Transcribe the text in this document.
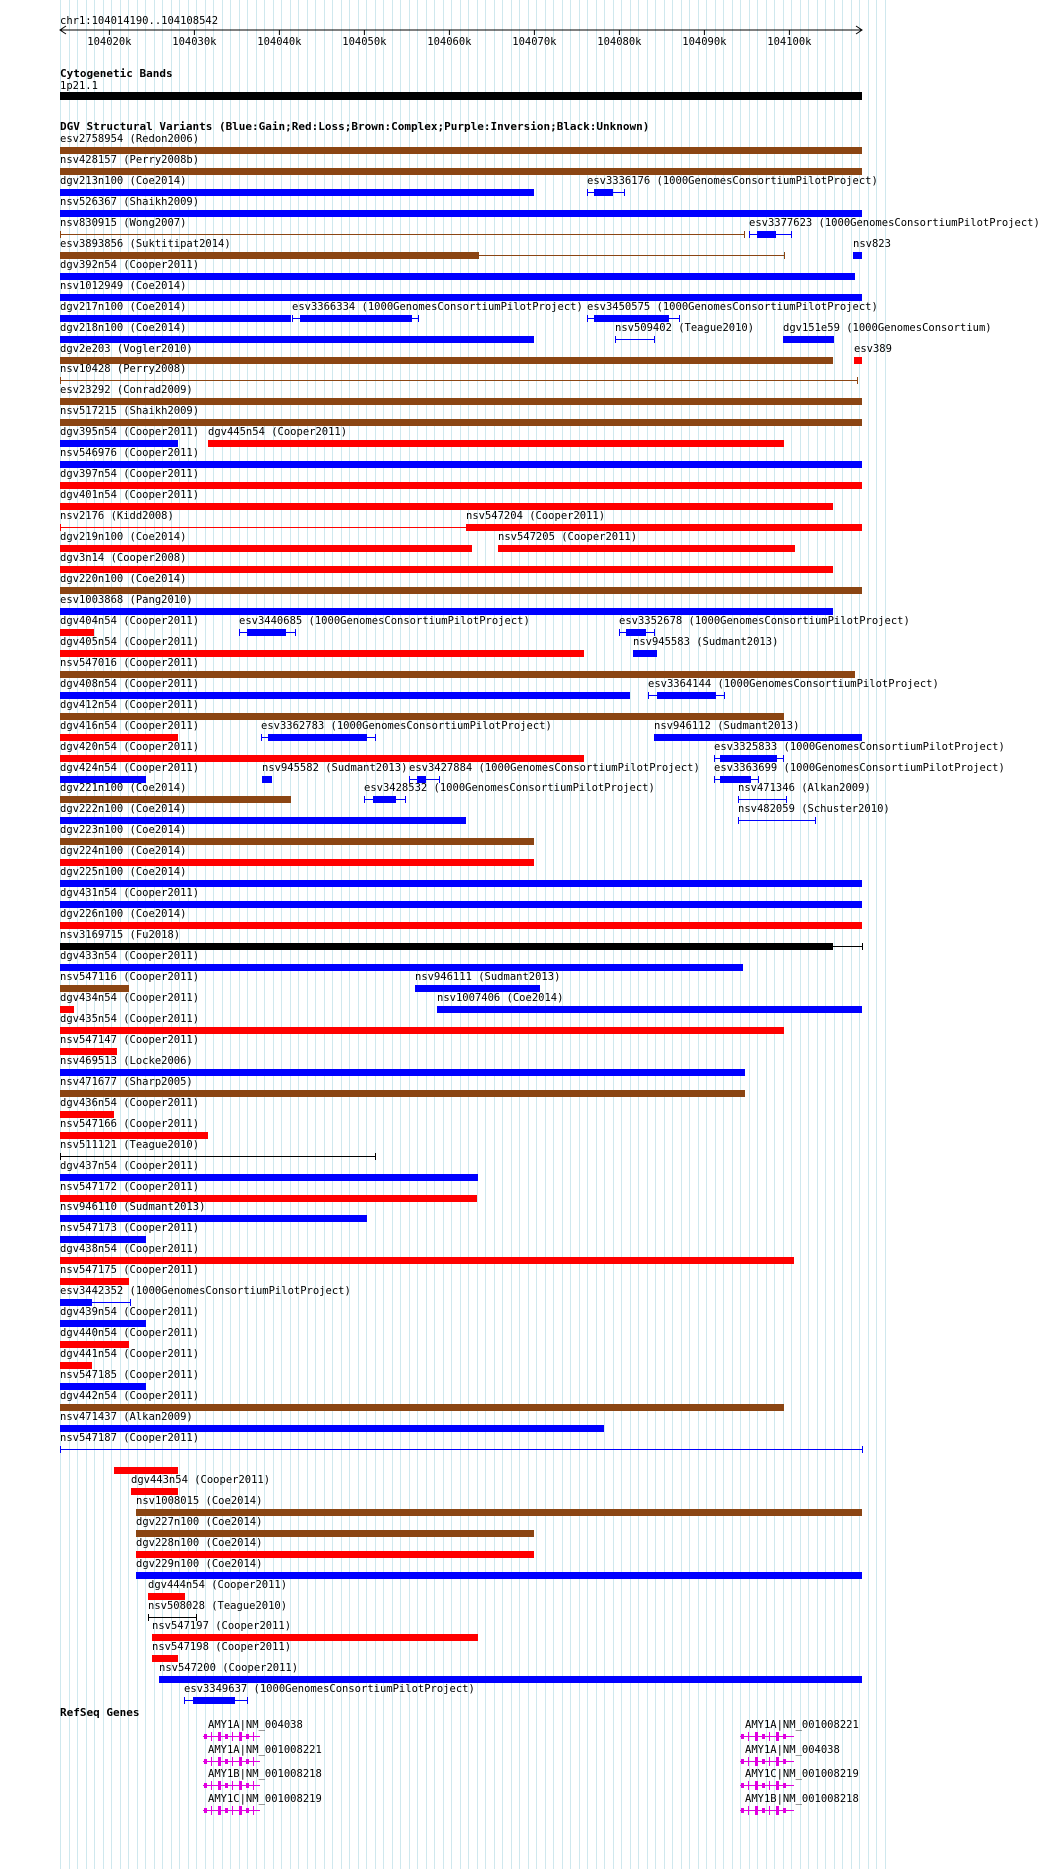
chr1:104014190..104108542
104020k	104030k	104040k	104050k	104060k	104070k	104080k	104090k	104100k
Cytogenetic Bands
1p21.1
DGV Structural Variants (Blue:Gain;Red:Loss;Brown:Complex;Purple:Inversion;Black:Unknown)
esv2758954 (Redon2006)
nsv428157 (Perry2008b)
dgv213n100 (Coe2014)	esv3336176 (1000GenomesConsortiumPilotProject)
nsv526367 (Shaikh2009)
nsv830915 (Wong2007)	esv3377623 (1000GenomesConsortiumPilotProject)
esv3893856 (Suktitipat2014)	nsv823
dgv392n54 (Cooper2011)
nsv1012949 (Coe2014)
dgv217n100 (Coe2014)	esv3366334 (1000GenomesConsortiumPilotProject) esv3450575 (1000GenomesConsortiumPilotProject)
dgv218n100 (Coe2014)	nsv509402 (Teague2010)	dgv151e59 (1000GenomesConsortium)
dgv2e203 (Vogler2010)	esv389
nsv10428 (Perry2008)
esv23292 (Conrad2009)
nsv517215 (Shaikh2009)
dgv395n54 (Cooper2011) dgv445n54 (Cooper2011)
nsv546976 (Cooper2011)
dgv397n54 (Cooper2011)
dgv401n54 (Cooper2011)
nsv2176 (Kidd2008)	nsv547204 (Cooper2011)
dgv219n100 (Coe2014)	nsv547205 (Cooper2011)
dgv3n14 (Cooper2008)
dgv220n100 (Coe2014)
esv1003868 (Pang2010)
dgv404n54 (Cooper2011)	esv3440685 (1000GenomesConsortiumPilotProject)	esv3352678 (1000GenomesConsortiumPilotProject)
dgv405n54 (Cooper2011)	nsv945583 (Sudmant2013)
nsv547016 (Cooper2011)
dgv408n54 (Cooper2011)	esv3364144 (1000GenomesConsortiumPilotProject)
dgv412n54 (Cooper2011)
dgv416n54 (Cooper2011)	esv3362783 (1000GenomesConsortiumPilotProject)	nsv946112 (Sudmant2013)
dgv420n54 (Cooper2011)	esv3325833 (1000GenomesConsortiumPilotProject)
dgv424n54 (Cooper2011)	nsv945582 (Sudmant2013) esv3427884 (1000GenomesConsortiumPilotProject) esv3363699 (1000GenomesConsortiumPilotProject)
dgv221n100 (Coe2014)	esv3428532 (1000GenomesConsortiumPilotProject)	nsv471346 (Alkan2009)
dgv222n100 (Coe2014)	nsv482059 (Schuster2010)
dgv223n100 (Coe2014)
dgv224n100 (Coe2014)
dgv225n100 (Coe2014)
dgv431n54 (Cooper2011)
dgv226n100 (Coe2014)
nsv3169715 (Fu2018)
dgv433n54 (Cooper2011)
nsv547116 (Cooper2011)	nsv946111 (Sudmant2013)
dgv434n54 (Cooper2011)	nsv1007406 (Coe2014)
dgv435n54 (Cooper2011)
nsv547147 (Cooper2011)
nsv469513 (Locke2006)
nsv471677 (Sharp2005)
dgv436n54 (Cooper2011)
nsv547166 (Cooper2011)
nsv511121 (Teague2010)
dgv437n54 (Cooper2011)
nsv547172 (Cooper2011)
nsv946110 (Sudmant2013)
nsv547173 (Cooper2011)
dgv438n54 (Cooper2011)
nsv547175 (Cooper2011)
esv3442352 (1000GenomesConsortiumPilotProject)
dgv439n54 (Cooper2011)
dgv440n54 (Cooper2011)
dgv441n54 (Cooper2011)
nsv547185 (Cooper2011)
dgv442n54 (Cooper2011)
nsv471437 (Alkan2009)
nsv547187 (Cooper2011)
dgv443n54 (Cooper2011)
nsv1008015 (Coe2014)
dgv227n100 (Coe2014)
dgv228n100 (Coe2014)
dgv229n100 (Coe2014)
dgv444n54 (Cooper2011)
nsv508028 (Teague2010)
nsv547197 (Cooper2011)
nsv547198 (Cooper2011)
nsv547200 (Cooper2011)
esv3349637 (1000GenomesConsortiumPilotProject)
RefSeq Genes
AMY1A|NM_004038
AMY1A|NM_001008221
AMY1B|NM_001008218
AMY1C|NM_001008219
AMY1A|NM_001008221
AMY1A|NM_004038
AMY1C|NM_001008219
AMY1B|NM_001008218
